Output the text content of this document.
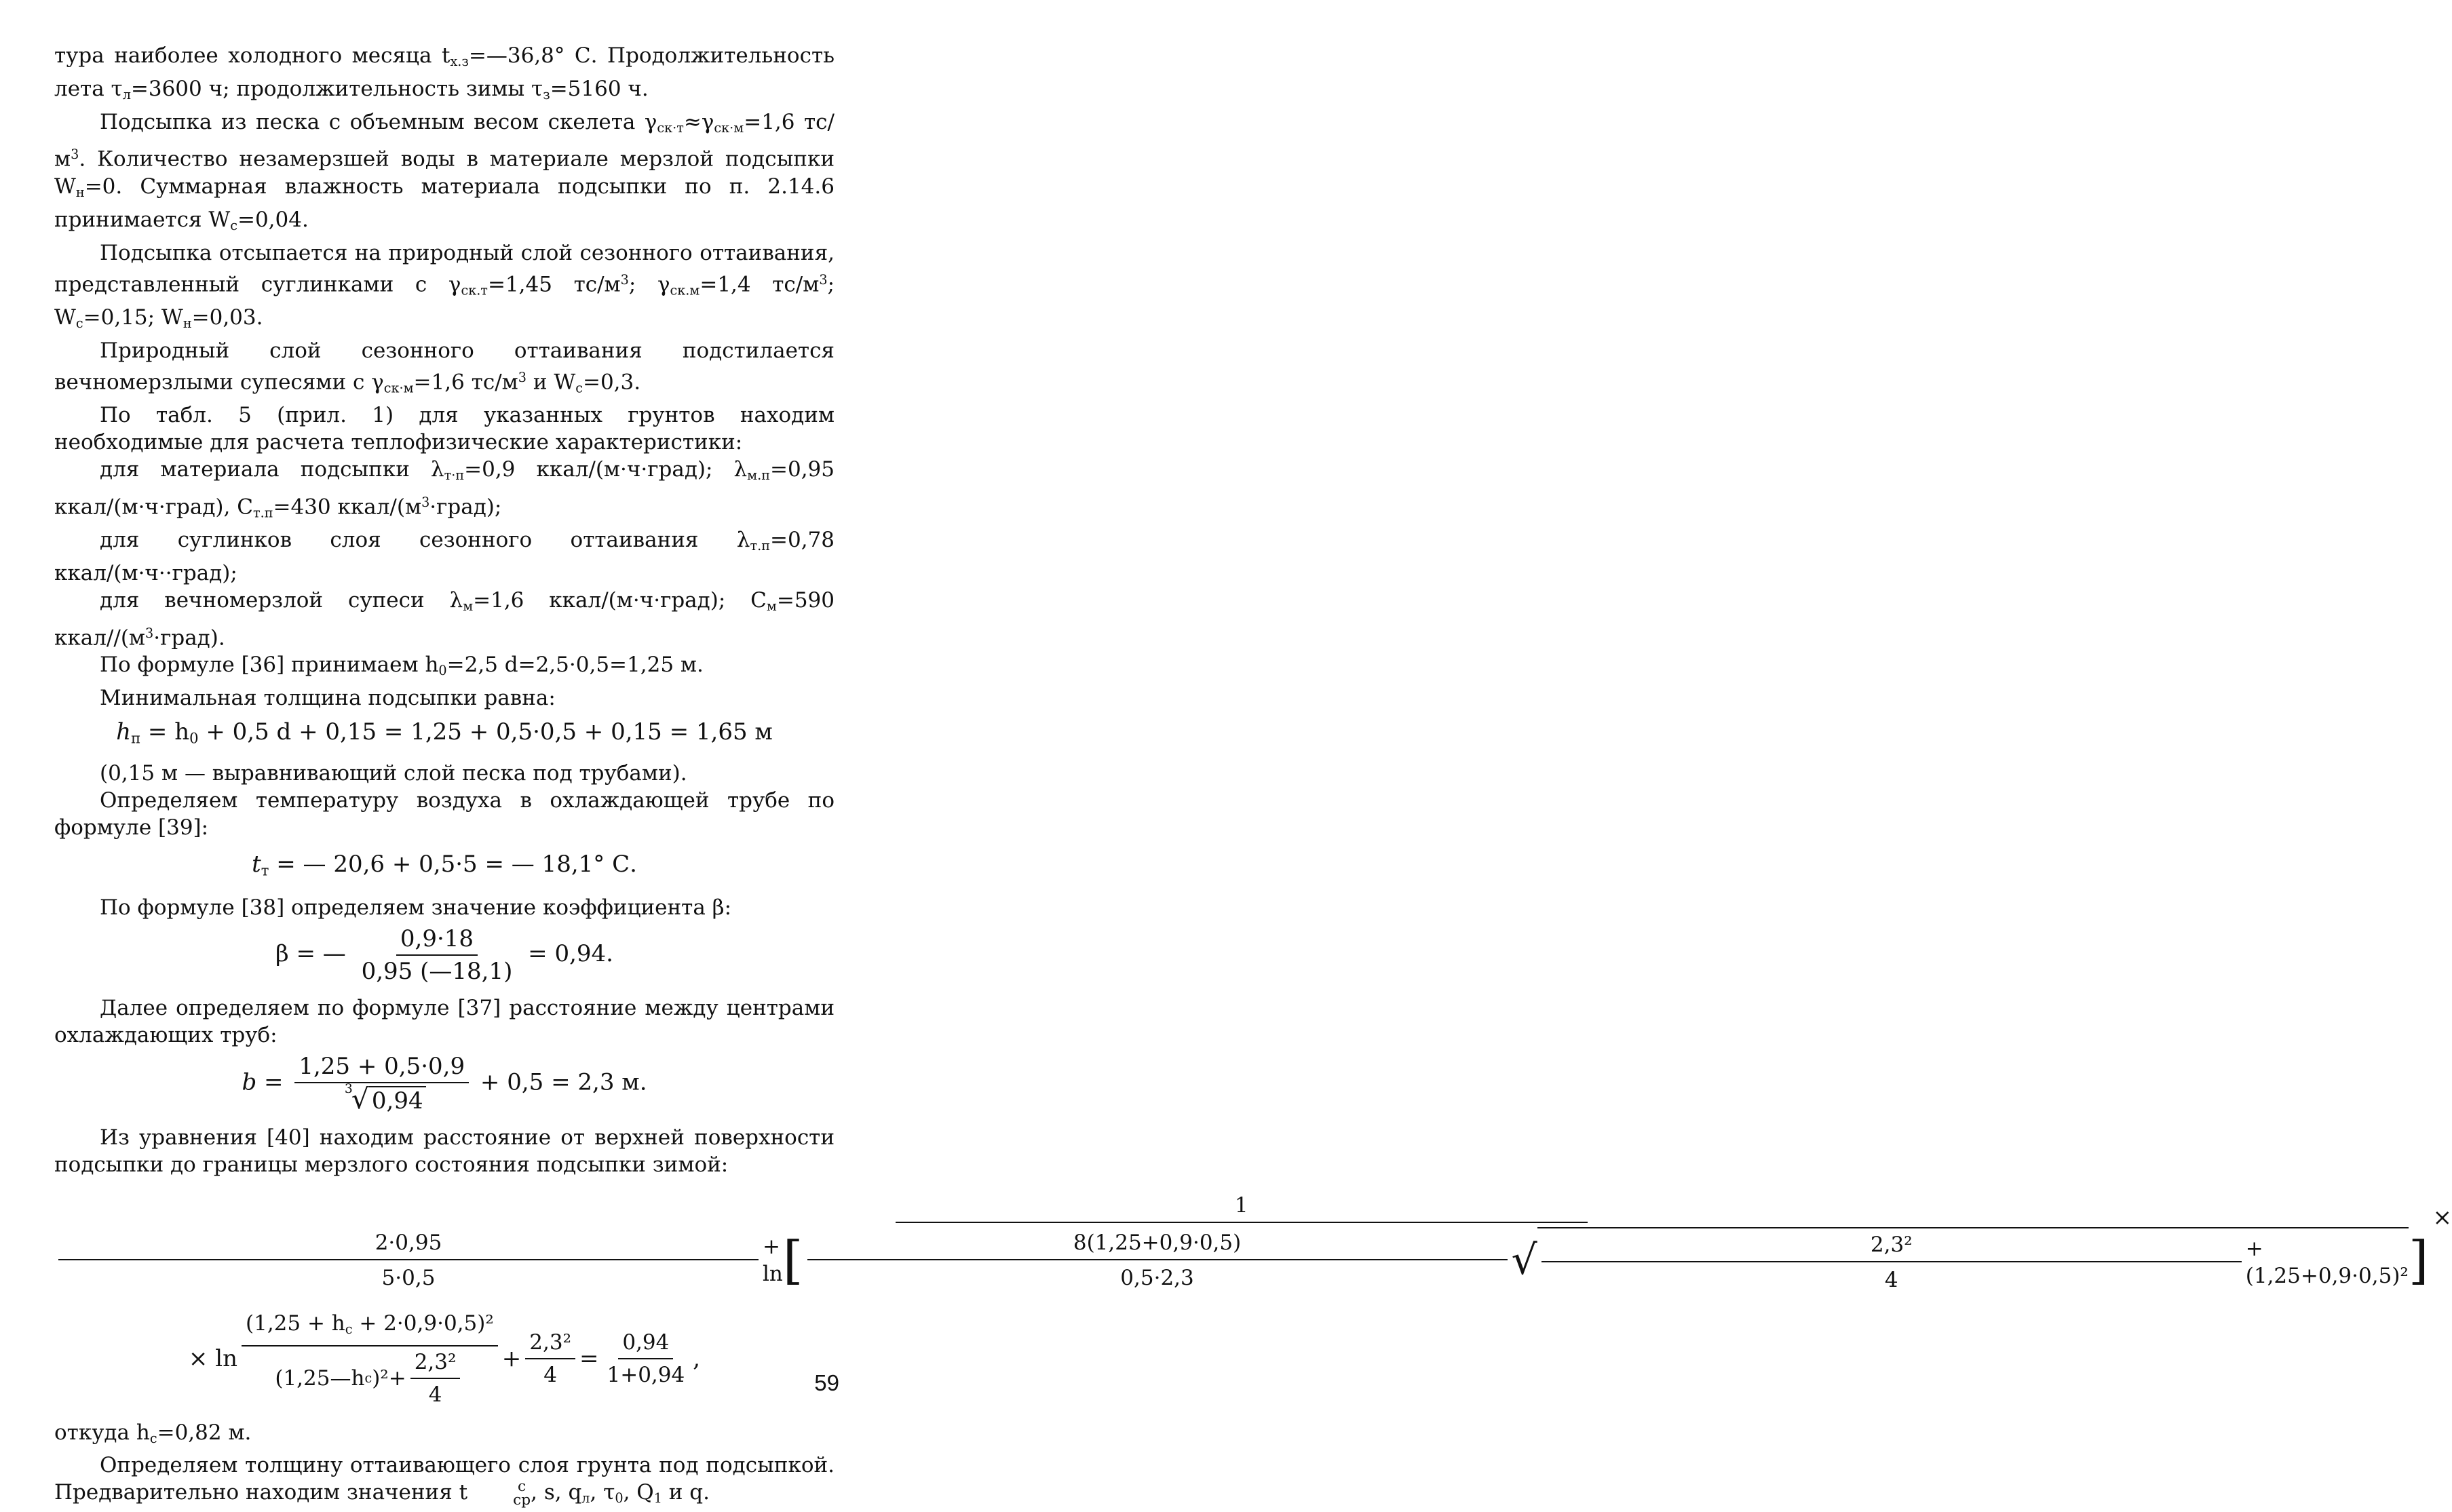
тура наиболее холодного месяца $t_{х.з}=—36,8^\circ$ С. Продолжительность лета $\tau_л=3600$ ч; продолжительность зимы $\tau_з=5160$ ч.

Подсыпка из песка с объемным весом скелета $\gamma_{ск\cdot т}\approx\gamma_{ск\cdot м}=1,6$ $тс/м^3$. Количество незамерзшей воды в материале мерзлой подсыпки $W_н=0$. Суммарная влажность материала подсыпки по п. 2.14.6 принимается $W_с=0,04$.

Подсыпка отсыпается на природный слой сезонного оттаивания, представленный суглинками с $\gamma_{ск.т}=1,45$ $тс/м^3$; $\gamma_{ск.м}=1,4$ $тс/м^3$; $W_с=0,15$; $W_н=0,03$.

Природный слой сезонного оттаивания подстилается вечномерзлыми супесями с $\gamma_{ск\cdot м}=1,6$ $тс/м^3$ и $W_с=0,3$.

По табл. 5 (прил. 1) для указанных грунтов находим необходимые для расчета теплофизические характеристики:

для материала подсыпки $\lambda_{т\cdot п}=0,9$ ккал/(м·ч·град); $\lambda_{м.п}=0,95$ ккал/(м·ч·град), $C_{т.п}=430$ ккал/$(м^3\cdot град)$;

для суглинков слоя сезонного оттаивания $\lambda_{т.п}=0,78$ ккал/(м·ч··град);

для вечномерзлой супеси $\lambda_м=1,6$ ккал/(м·ч·град); $C_м=590$ ккал/$/(м^3\cdot град)$.

По формуле [36] принимаем $h_0=2,5$ d=2,5·0,5=1,25 м.

Минимальная толщина подсыпки равна:

$h_п = h_0 + 0,5$ d + 0,15 = 1,25 + 0,5·0,5 + 0,15 = 1,65 м

(0,15 м — выравнивающий слой песка под трубами).

Определяем температуру воздуха в охлаждающей трубе по формуле [39]:

$t_т$ = — 20,6 + 0,5·5 = — 18,1° С.

По формуле [38] определяем значение коэффициента β:

β = — $\frac{0,9\cdot 18}{0,95 (—18,1)} = 0,94$.

Далее определяем по формуле [37] расстояние между центрами охлаждающих труб:

b = 1,25 + 0,5·0,9
3
√ 0,94 + 0,5 = 2,3 м.

Из уравнения [40] находим расстояние от верхней поверхности подсыпки до границы мерзлого состояния подсыпки зимой:

1
$\frac{2\cdot 0,95}{5\cdot 0,5} + \ln$ [ $\frac{8(1,25+0,9\cdot 0,5)}{0,5\cdot 2,3}$ √ $\frac{\text{2,3²}}{4} + (1,25+0,9\cdot 0,5)^2$ ]
×
× $\ln \frac{(1,25 + h_с + 2\cdot 0,9\cdot 0,5)^2}{(1,25—h с )^2+ \frac{\text{2,3²}}{4}} + \frac{\text{2,3²}}{4} = \frac{0,94}{1+0,94}$ ,

откуда $h_с=0,82$ м.

Определяем толщину оттаивающего слоя грунта под подсыпкой. Предварительно находим значения t	с
ср , s, $q_л$, $\tau_0$, $Q_1$ и q.

59
